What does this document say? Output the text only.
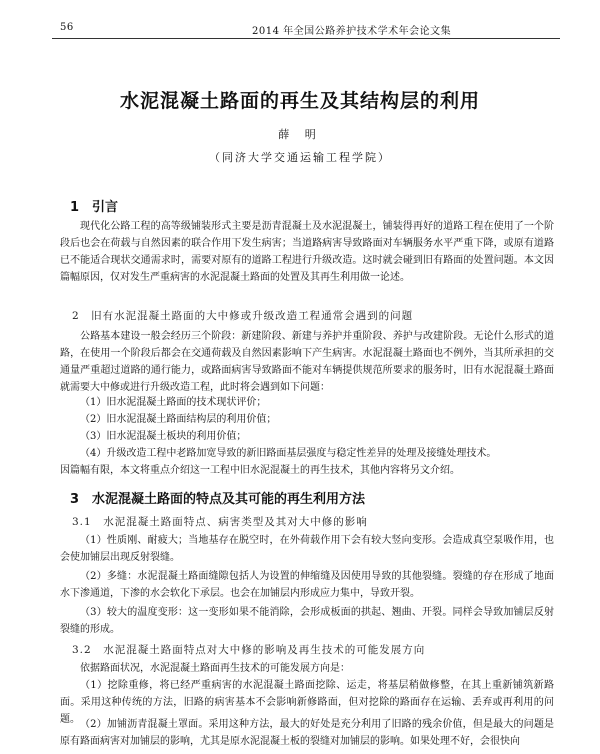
56	2014 年全国公路养护技术学术年会论文集
水泥混凝土路面的再生及其结构层的利用
薛 明
（同济大学交通运输工程学院）
1　引言

现代化公路工程的高等级铺装形式主要是沥青混凝土及水泥混凝土，铺装得再好的道路工程在使用了一个阶段后也会在荷载与自然因素的联合作用下发生病害；当道路病害导致路面对车辆服务水平严重下降，或原有道路已不能适合现状交通需求时，需要对原有的道路工程进行升级改造。这时就会碰到旧有路面的处置问题。本文因篇幅原因，仅对发生严重病害的水泥混凝土路面的处置及其再生利用做一论述。

2　旧有水泥混凝土路面的大中修或升级改造工程通常会遇到的问题

公路基本建设一般会经历三个阶段：新建阶段、新建与养护并重阶段、养护与改建阶段。无论什么形式的道路，在使用一个阶段后都会在交通荷载及自然因素影响下产生病害。水泥混凝土路面也不例外，当其所承担的交通量严重超过道路的通行能力，或路面病害导致路面不能对车辆提供规范所要求的服务时，旧有水泥混凝土路面就需要大中修或进行升级改造工程，此时将会遇到如下问题：

（1）旧水泥混凝土路面的技术现状评价；

（2）旧水泥混凝土路面结构层的利用价值；

（3）旧水泥混凝土板块的利用价值；

（4）升级改造工程中老路加宽导致的新旧路面基层强度与稳定性差异的处理及接缝处理技术。

因篇幅有限，本文将重点介绍这一工程中旧水泥混凝土的再生技术，其他内容将另文介绍。

3　水泥混凝土路面的特点及其可能的再生利用方法
3.1　水泥混凝土路面特点、病害类型及其对大中修的影响

（1）性质刚、耐疲大；当地基存在脱空时，在外荷载作用下会有较大竖向变形。会造成真空泵吸作用，也会使加铺层出现反射裂缝。

（2）多缝：水泥混凝土路面缝隙包括人为设置的伸缩缝及因使用导致的其他裂缝。裂缝的存在形成了地面水下渗通道，下渗的水会软化下承层。也会在加铺层内形成应力集中，导致开裂。

（3）较大的温度变形：这一变形如果不能消除，会形成板面的拱起、翘曲、开裂。同样会导致加铺层反射裂缝的形成。

3.2　水泥混凝土路面特点对大中修的影响及再生技术的可能发展方向

依据路面状况，水泥混凝土路面再生技术的可能发展方向是：

（1）挖除重修，将已经严重病害的水泥混凝土路面挖除、运走，将基层稍做修整，在其上重新铺筑新路面。采用这种传统的方法，旧路的病害基本不会影响新修路面，但对挖除的路面存在运输、丢弃或再利用的问题。 （2）加铺沥青混凝土罩面。采用这种方法，最大的好处是充分利用了旧路的残余价值，但是最大的问题是原有路面病害对加铺层的影响，尤其是原水泥混凝土板的裂缝对加铺层的影响。如果处理不好，会很快向
